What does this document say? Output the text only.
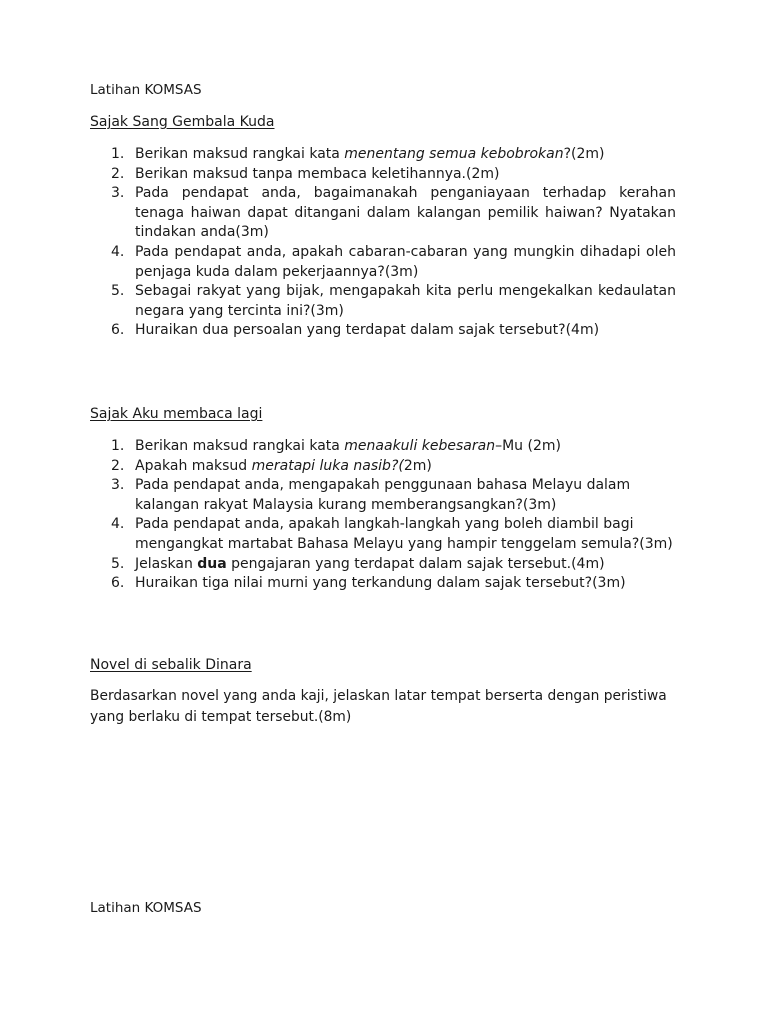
Latihan KOMSAS
Sajak Sang Gembala Kuda
1. Berikan maksud rangkai kata menentang semua kebobrokan?(2m)
2. Berikan maksud tanpa membaca keletihannya.(2m)
3. Pada pendapat anda, bagaimanakah penganiayaan terhadap kerahan tenaga haiwan dapat ditangani dalam kalangan pemilik haiwan? Nyatakan tindakan anda(3m)
4. Pada pendapat anda, apakah cabaran-cabaran yang mungkin dihadapi oleh penjaga kuda dalam pekerjaannya?(3m)
5. Sebagai rakyat yang bijak, mengapakah kita perlu mengekalkan kedaulatan negara yang tercinta ini?(3m)
6. Huraikan dua persoalan yang terdapat dalam sajak tersebut?(4m)
Sajak Aku membaca lagi
1. Berikan maksud rangkai kata menaakuli kebesaran–Mu (2m)
2. Apakah maksud meratapi luka nasib?(2m)
3. Pada pendapat anda, mengapakah penggunaan bahasa Melayu dalam kalangan rakyat Malaysia kurang memberangsangkan?(3m)
4. Pada pendapat anda, apakah langkah-langkah yang boleh diambil bagi mengangkat martabat Bahasa Melayu yang hampir tenggelam semula?(3m)
5. Jelaskan dua pengajaran yang terdapat dalam sajak tersebut.(4m)
6. Huraikan tiga nilai murni yang terkandung dalam sajak tersebut?(3m)
Novel di sebalik Dinara
Berdasarkan novel yang anda kaji, jelaskan latar tempat berserta dengan peristiwa yang berlaku di tempat tersebut.(8m)
Latihan KOMSAS
